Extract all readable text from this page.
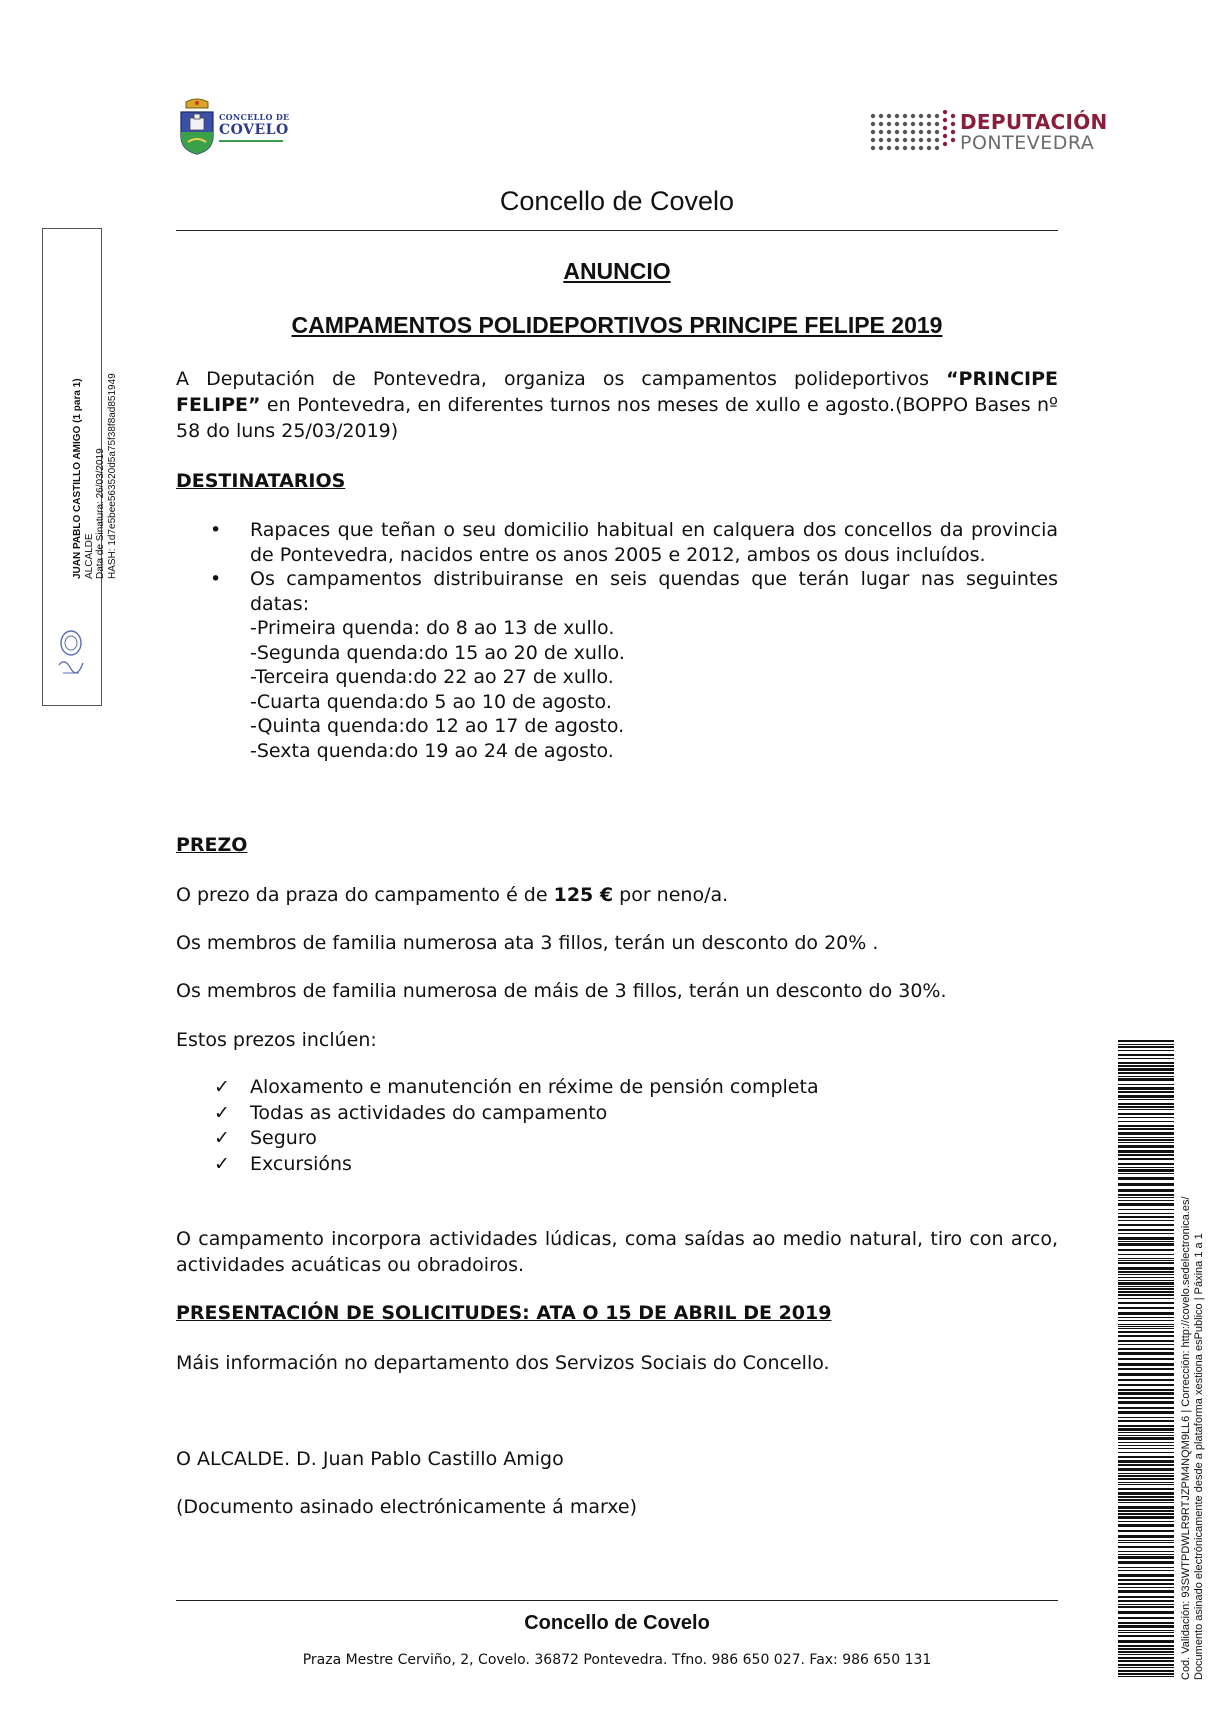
CONCELLO DE
COVELO	DEPUTACIÓN
PONTEVEDRA
Concello de Covelo
ANUNCIO
CAMPAMENTOS POLIDEPORTIVOS PRINCIPE FELIPE 2019
A Deputación de Pontevedra, organiza os campamentos polideportivos “PRINCIPE FELIPE” en Pontevedra, en diferentes turnos nos meses de xullo e agosto.(BOPPO Bases nº 58 do luns 25/03/2019)
DESTINATARIOS
• Rapaces que teñan o seu domicilio habitual en calquera dos concellos da provincia de Pontevedra, nacidos entre os anos 2005 e 2012, ambos os dous incluídos.
• Os campamentos distribuiranse en seis quendas que terán lugar nas seguintes datas:
-Primeira quenda: do 8 ao 13 de xullo.
-Segunda quenda:do 15 ao 20 de xullo.
-Terceira quenda:do 22 ao 27 de xullo.
-Cuarta quenda:do 5 ao 10 de agosto.
-Quinta quenda:do 12 ao 17 de agosto.
-Sexta quenda:do 19 ao 24 de agosto.
PREZO
O prezo da praza do campamento é de 125 € por neno/a.
Os membros de familia numerosa ata 3 fillos, terán un desconto do 20% .
Os membros de familia numerosa de máis de 3 fillos, terán un desconto do 30%.
Estos prezos inclúen:
✓ Aloxamento e manutención en réxime de pensión completa
✓ Todas as actividades do campamento
✓ Seguro
✓ Excursións
O campamento incorpora actividades lúdicas, coma saídas ao medio natural, tiro con arco, actividades acuáticas ou obradoiros.
PRESENTACIÓN DE SOLICITUDES: ATA O 15 DE ABRIL DE 2019
Máis información no departamento dos Servizos Sociais do Concello.
O ALCALDE. D. Juan Pablo Castillo Amigo
(Documento asinado electrónicamente á marxe)
Concello de Covelo
Praza Mestre Cerviño, 2, Covelo. 36872 Pontevedra. Tfno. 986 650 027. Fax: 986 650 131
JUAN PABLO CASTILLO AMIGO (1 para 1) ALCALDE Data de Sinatura: 26/03/2019 HASH: 1d7e5bee563520d5a75f38f8ad851949
Cod. Validación: 93SWTPDWLR9RTJZPM4NQM9LL6 | Corrección: http://covelo.sedelectronica.es/ Documento asinado electrónicamente desde a plataforma xestiona esPublico | Páxina 1 a 1
